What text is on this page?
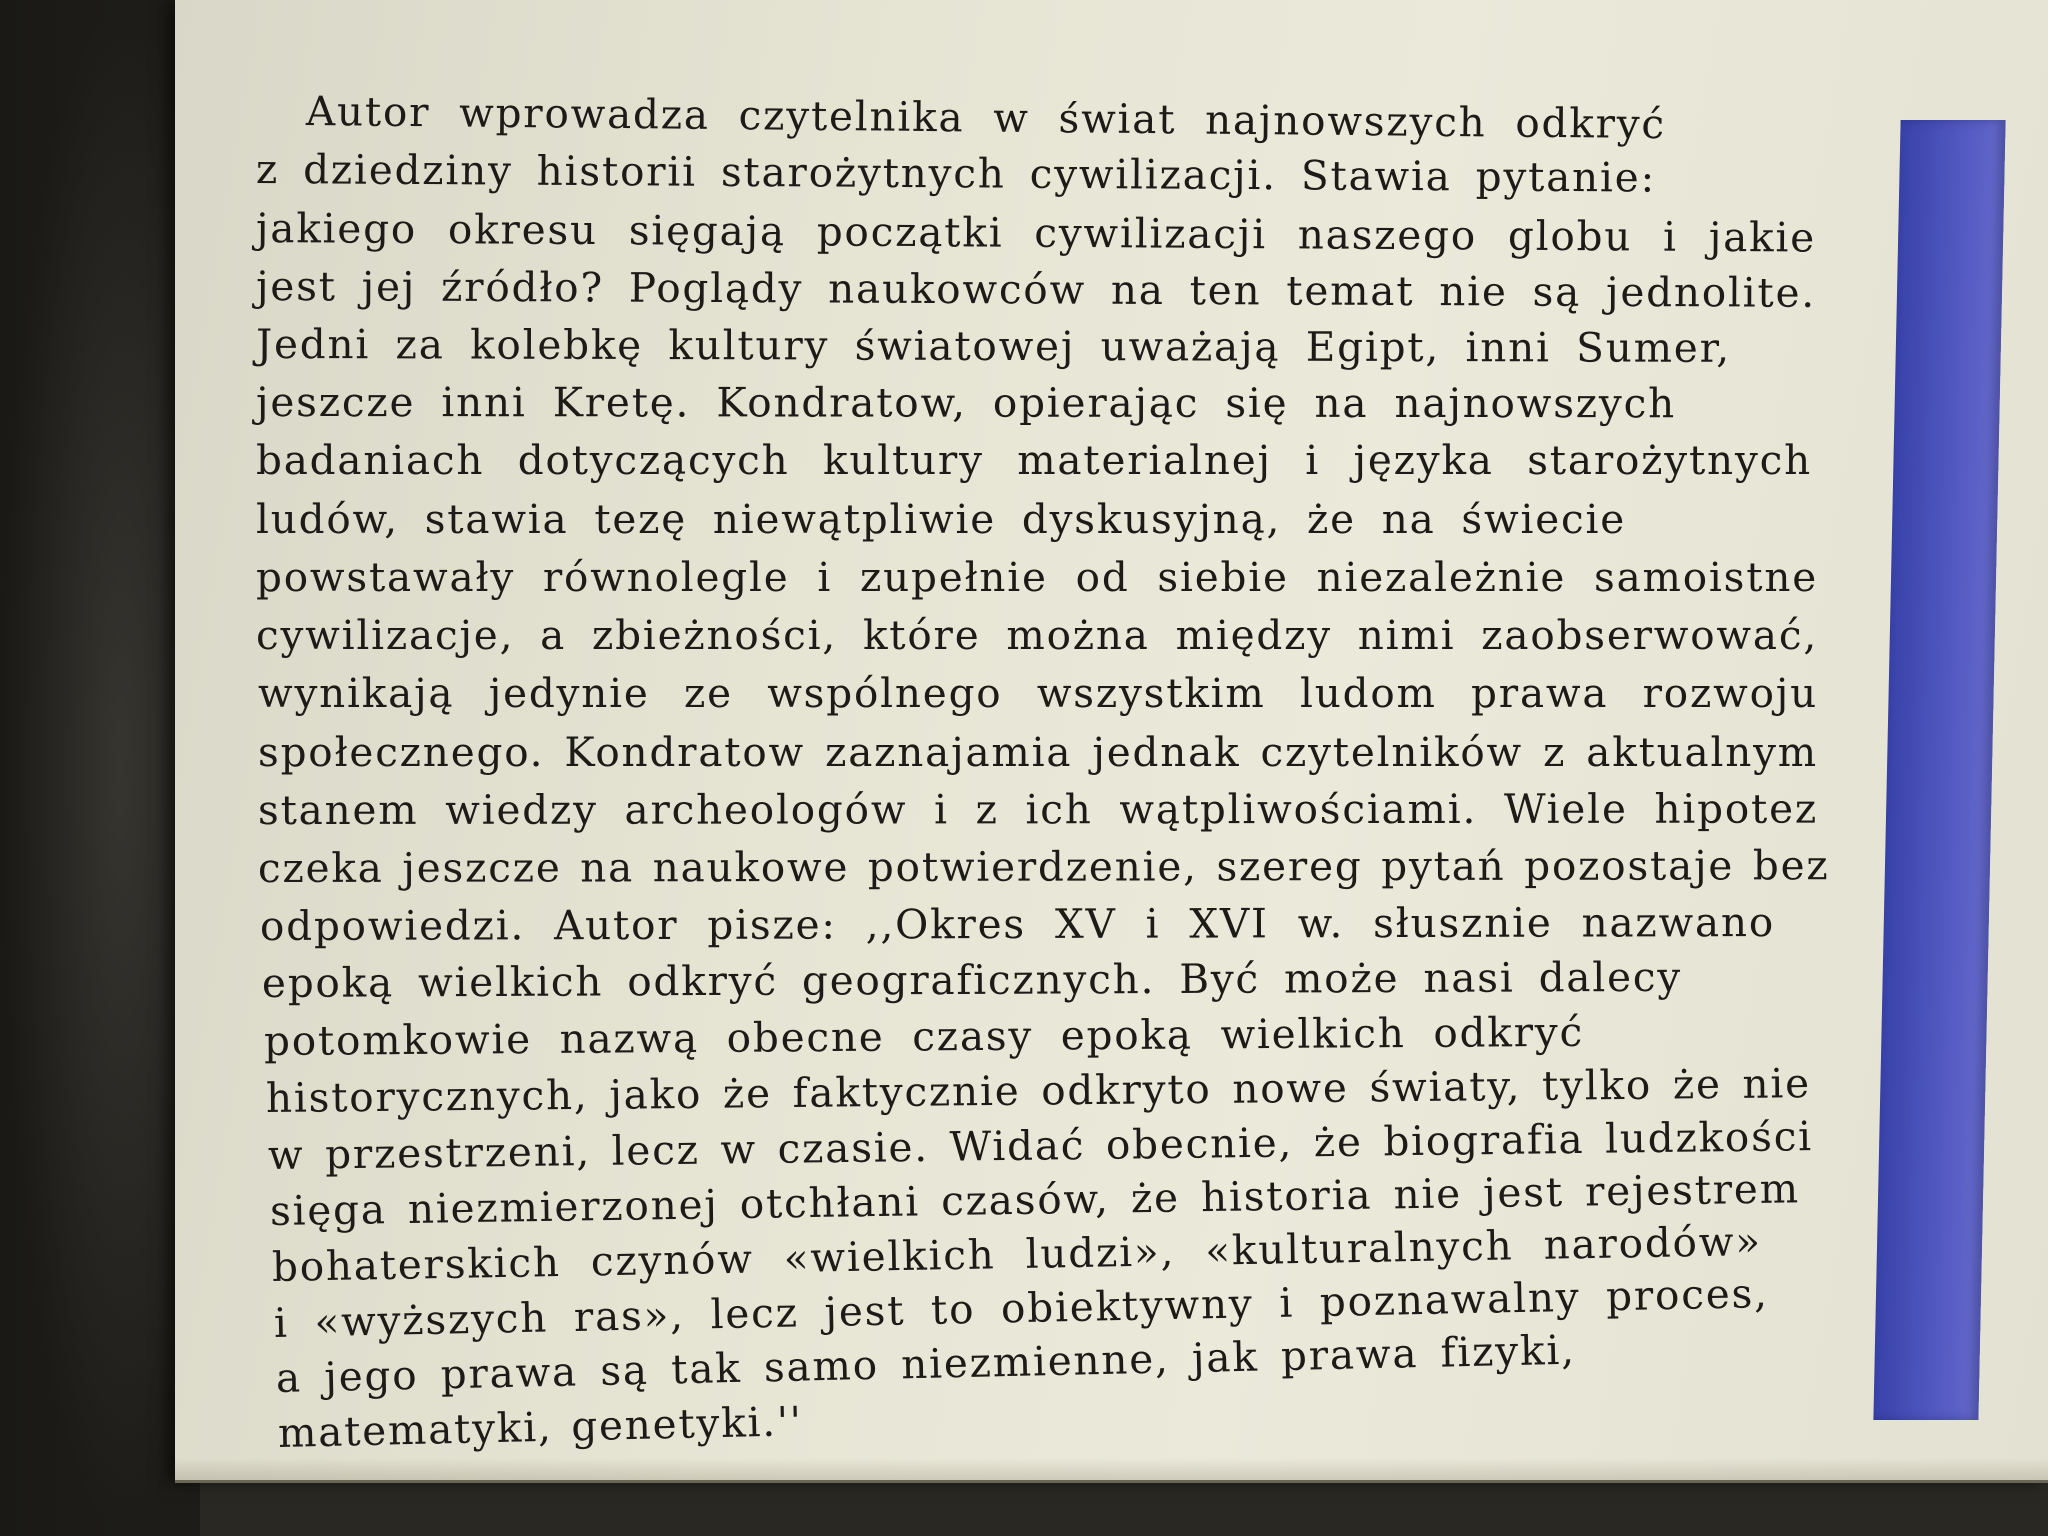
Autor wprowadza czytelnika w świat najnowszych odkryć
z dziedziny historii starożytnych cywilizacji. Stawia pytanie:
jakiego okresu sięgają początki cywilizacji naszego globu i jakie
jest jej źródło? Poglądy naukowców na ten temat nie są jednolite.
Jedni za kolebkę kultury światowej uważają Egipt, inni Sumer,
jeszcze inni Kretę. Kondratow, opierając się na najnowszych
badaniach dotyczących kultury materialnej i języka starożytnych
ludów, stawia tezę niewątpliwie dyskusyjną, że na świecie
powstawały równolegle i zupełnie od siebie niezależnie samoistne
cywilizacje, a zbieżności, które można między nimi zaobserwować,
wynikają jedynie ze wspólnego wszystkim ludom prawa rozwoju
społecznego. Kondratow zaznajamia jednak czytelników z aktualnym
stanem wiedzy archeologów i z ich wątpliwościami. Wiele hipotez
czeka jeszcze na naukowe potwierdzenie, szereg pytań pozostaje bez
odpowiedzi. Autor pisze: ,,Okres XV i XVI w. słusznie nazwano
epoką wielkich odkryć geograficznych. Być może nasi dalecy
potomkowie nazwą obecne czasy epoką wielkich odkryć
historycznych, jako że faktycznie odkryto nowe światy, tylko że nie
w przestrzeni, lecz w czasie. Widać obecnie, że biografia ludzkości
sięga niezmierzonej otchłani czasów, że historia nie jest rejestrem
bohaterskich czynów «wielkich ludzi», «kulturalnych narodów»
i «wyższych ras», lecz jest to obiektywny i poznawalny proces,
a jego prawa są tak samo niezmienne, jak prawa fizyki,
matematyki, genetyki.''
